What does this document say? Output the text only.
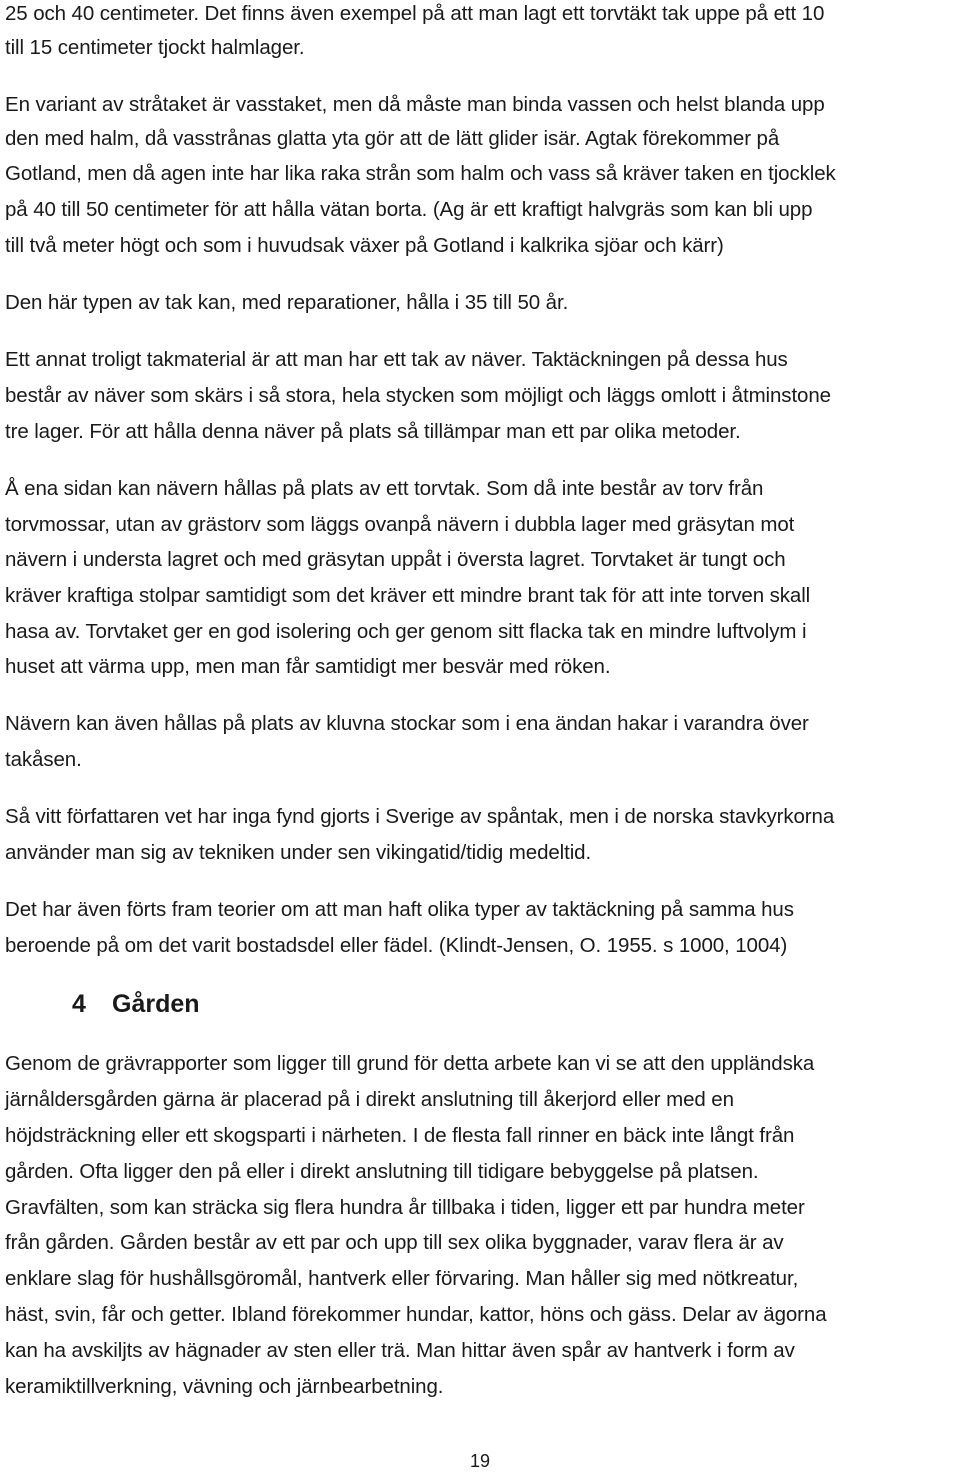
25 och 40 centimeter. Det finns även exempel på att man lagt ett torvtäkt tak uppe på ett 10
till 15 centimeter tjockt halmlager.
En variant av stråtaket är vasstaket, men då måste man binda vassen och helst blanda upp
den med halm, då vasstrånas glatta yta gör att de lätt glider isär. Agtak förekommer på
Gotland, men då agen inte har lika raka strån som halm och vass så kräver taken en tjocklek
på 40 till 50 centimeter för att hålla vätan borta. (Ag är ett kraftigt halvgräs som kan bli upp
till två meter högt och som i huvudsak växer på Gotland i kalkrika sjöar och kärr)
Den här typen av tak kan, med reparationer, hålla i 35 till 50 år.
Ett annat troligt takmaterial är att man har ett tak av näver. Taktäckningen på dessa hus
består av näver som skärs i så stora, hela stycken som möjligt och läggs omlott i åtminstone
tre lager. För att hålla denna näver på plats så tillämpar man ett par olika metoder.
Å ena sidan kan nävern hållas på plats av ett torvtak. Som då inte består av torv från
torvmossar, utan av grästorv som läggs ovanpå nävern i dubbla lager med gräsytan mot
nävern i understa lagret och med gräsytan uppåt i översta lagret. Torvtaket är tungt och
kräver kraftiga stolpar samtidigt som det kräver ett mindre brant tak för att inte torven skall
hasa av. Torvtaket ger en god isolering och ger genom sitt flacka tak en mindre luftvolym i
huset att värma upp, men man får samtidigt mer besvär med röken.
Nävern kan även hållas på plats av kluvna stockar som i ena ändan hakar i varandra över
takåsen.
Så vitt författaren vet har inga fynd gjorts i Sverige av spåntak, men i de norska stavkyrkorna
använder man sig av tekniken under sen vikingatid/tidig medeltid.
Det har även förts fram teorier om att man haft olika typer av taktäckning på samma hus
beroende på om det varit bostadsdel eller fädel. (Klindt-Jensen, O. 1955. s 1000, 1004)
4 Gården
Genom de grävrapporter som ligger till grund för detta arbete kan vi se att den uppländska
järnåldersgården gärna är placerad på i direkt anslutning till åkerjord eller med en
höjdsträckning eller ett skogsparti i närheten. I de flesta fall rinner en bäck inte långt från
gården. Ofta ligger den på eller i direkt anslutning till tidigare bebyggelse på platsen.
Gravfälten, som kan sträcka sig flera hundra år tillbaka i tiden, ligger ett par hundra meter
från gården. Gården består av ett par och upp till sex olika byggnader, varav flera är av
enklare slag för hushållsgöromål, hantverk eller förvaring. Man håller sig med nötkreatur,
häst, svin, får och getter. Ibland förekommer hundar, kattor, höns och gäss. Delar av ägorna
kan ha avskiljts av hägnader av sten eller trä. Man hittar även spår av hantverk i form av
keramiktillverkning, vävning och järnbearbetning.
19
